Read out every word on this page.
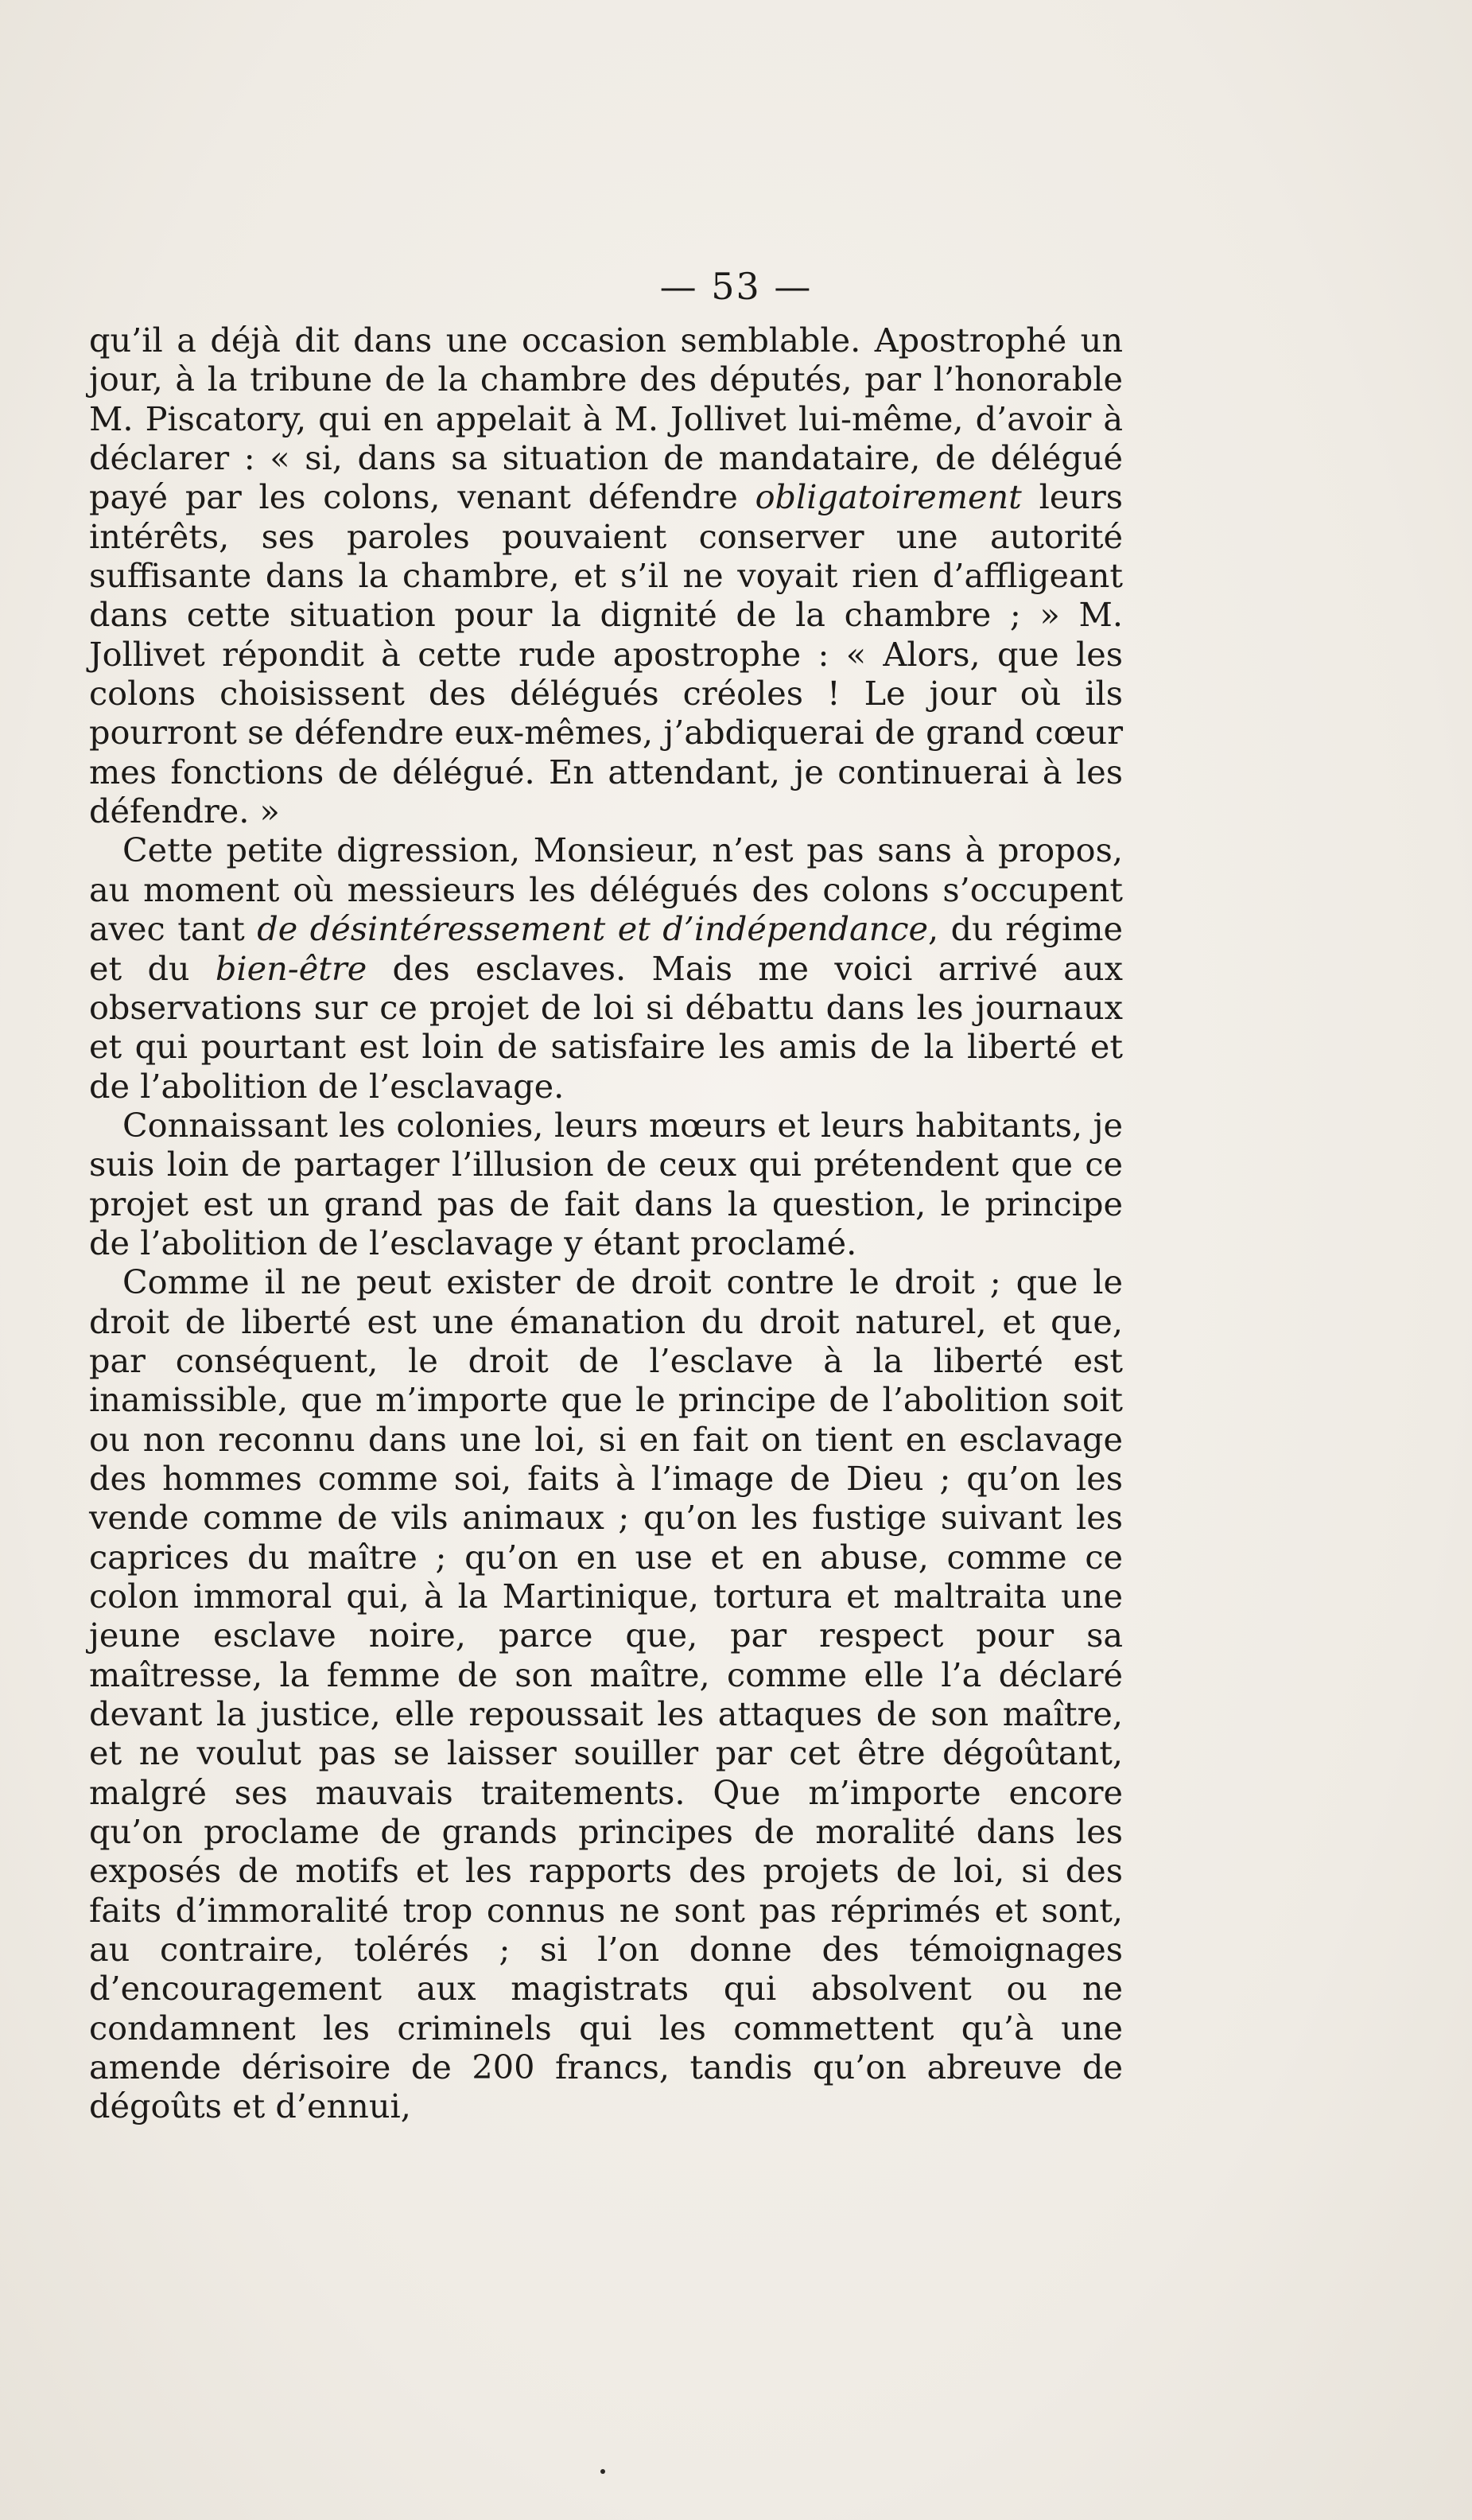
— 53 —

qu’il a déjà dit dans une occasion semblable. Apostrophé un jour, à la tribune de la chambre des députés, par l’honorable M. Piscatory, qui en appelait à M. Jollivet lui-même, d’avoir à déclarer : « si, dans sa situation de mandataire, de délégué payé par les colons, venant défendre obligatoirement leurs intérêts, ses paroles pouvaient conserver une autorité suffisante dans la chambre, et s’il ne voyait rien d’affligeant dans cette situation pour la dignité de la chambre ; » M. Jollivet répondit à cette rude apostrophe : « Alors, que les colons choisissent des délégués créoles ! Le jour où ils pourront se défendre eux-mêmes, j’abdiquerai de grand cœur mes fonctions de délégué. En attendant, je continuerai à les défendre. »

Cette petite digression, Monsieur, n’est pas sans à propos, au moment où messieurs les délégués des colons s’occupent avec tant de désintéressement et d’indépendance, du régime et du bien-être des esclaves. Mais me voici arrivé aux observations sur ce projet de loi si débattu dans les journaux et qui pourtant est loin de satisfaire les amis de la liberté et de l’abolition de l’esclavage.

Connaissant les colonies, leurs mœurs et leurs habitants, je suis loin de partager l’illusion de ceux qui prétendent que ce projet est un grand pas de fait dans la question, le principe de l’abolition de l’esclavage y étant proclamé.

Comme il ne peut exister de droit contre le droit ; que le droit de liberté est une émanation du droit naturel, et que, par conséquent, le droit de l’esclave à la liberté est inamissible, que m’importe que le principe de l’abolition soit ou non reconnu dans une loi, si en fait on tient en esclavage des hommes comme soi, faits à l’image de Dieu ; qu’on les vende comme de vils animaux ; qu’on les fustige suivant les caprices du maître ; qu’on en use et en abuse, comme ce colon immoral qui, à la Martinique, tortura et maltraita une jeune esclave noire, parce que, par respect pour sa maîtresse, la femme de son maître, comme elle l’a déclaré devant la justice, elle repoussait les attaques de son maître, et ne voulut pas se laisser souiller par cet être dégoûtant, malgré ses mauvais traitements. Que m’importe encore qu’on proclame de grands principes de moralité dans les exposés de motifs et les rapports des projets de loi, si des faits d’immoralité trop connus ne sont pas réprimés et sont, au contraire, tolérés ; si l’on donne des témoignages d’encouragement aux magistrats qui absolvent ou ne condamnent les criminels qui les commettent qu’à une amende dérisoire de 200 francs, tandis qu’on abreuve de dégoûts et d’ennui,
